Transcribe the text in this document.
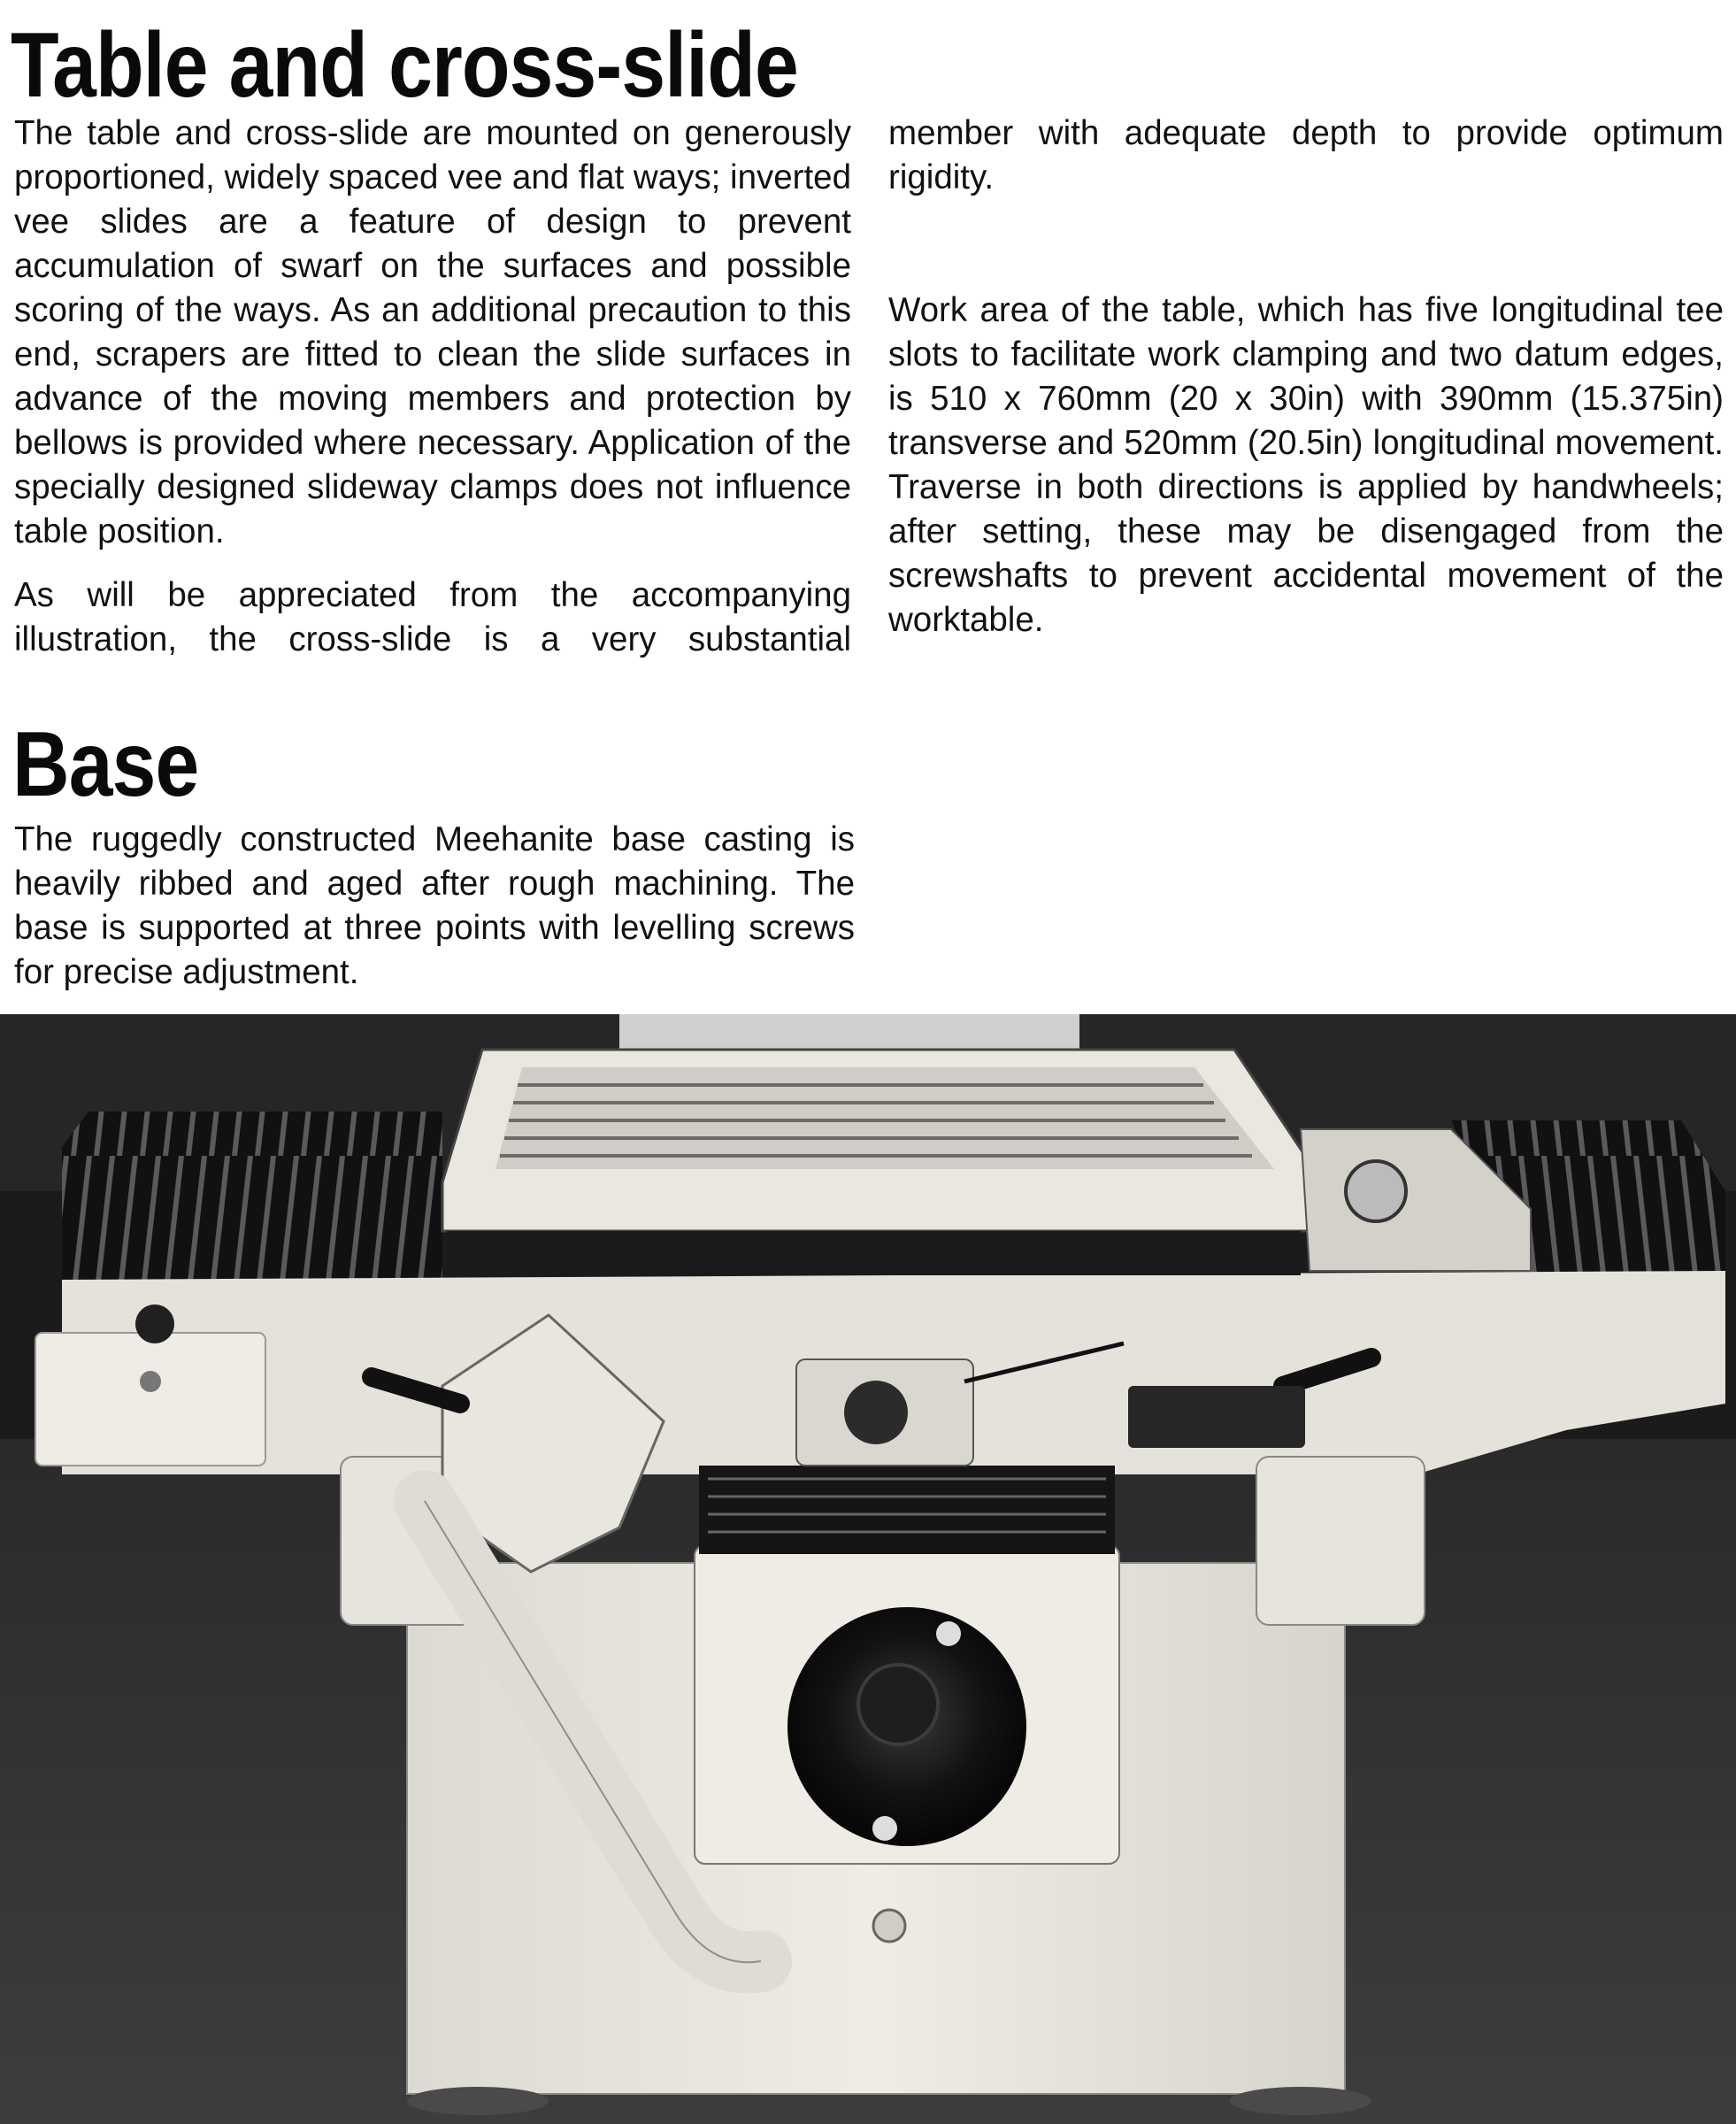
Table and cross-slide

The table and cross-slide are mounted on generously proportioned, widely spaced vee and flat ways; inverted vee slides are a feature of design to prevent accumulation of swarf on the surfaces and possible scoring of the ways. As an additional precaution to this end, scrapers are fitted to clean the slide surfaces in advance of the moving members and protection by bellows is provided where necessary. Application of the specially designed slideway clamps does not influence table position.

As will be appreciated from the accompanying illustration, the cross-slide is a very substantial

member with adequate depth to provide optimum rigidity.

Work area of the table, which has five longitudinal tee slots to facilitate work clamping and two datum edges, is 510 x 760mm (20 x 30in) with 390mm (15.375in) transverse and 520mm (20.5in) longitudinal movement. Traverse in both directions is applied by handwheels; after setting, these may be disengaged from the screwshafts to prevent accidental movement of the worktable.

Base

The ruggedly constructed Meehanite base casting is heavily ribbed and aged after rough machining. The base is supported at three points with levelling screws for precise adjustment.
